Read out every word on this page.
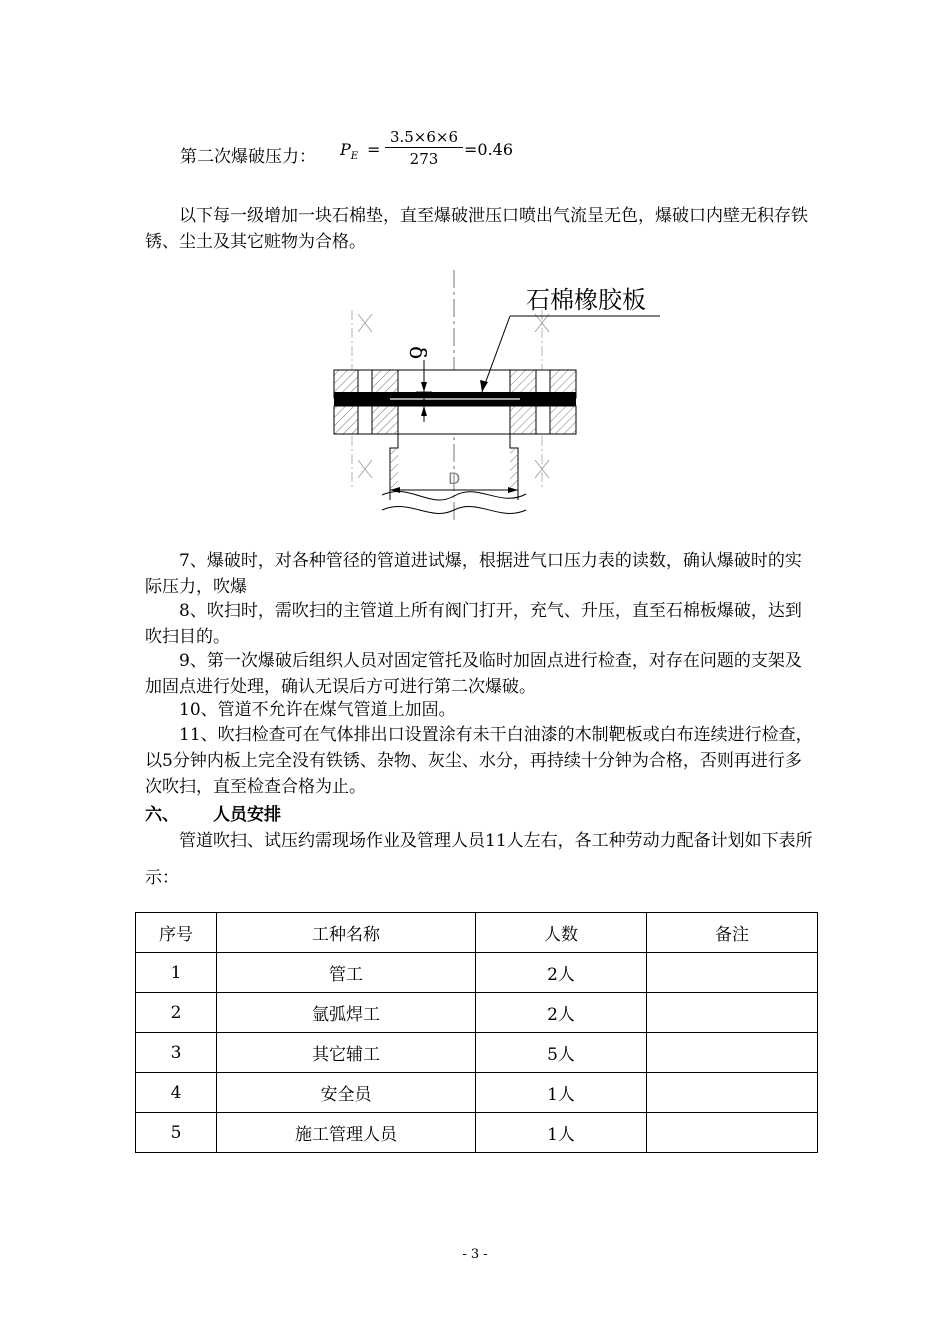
第二次爆破压力： $P_E = \frac{3.5\times 6\times 6}{273} =0.46$
以下每一级增加一块石棉垫，直至爆破泄压口喷出气流呈无色，爆破口内壁无积存铁锈、尘土及其它赃物为合格。
D
δ
石棉橡胶板
7、爆破时，对各种管径的管道进试爆，根据进气口压力表的读数，确认爆破时的实际压力，吹爆
8、吹扫时，需吹扫的主管道上所有阀门打开，充气、升压，直至石棉板爆破，达到吹扫目的。
9、第一次爆破后组织人员对固定管托及临时加固点进行检查，对存在问题的支架及加固点进行处理，确认无误后方可进行第二次爆破。
10、管道不允许在煤气管道上加固。
11、吹扫检查可在气体排出口设置涂有未干白油漆的木制靶板或白布连续进行检查，以5分钟内板上完全没有铁锈、杂物、灰尘、水分，再持续十分钟为合格，否则再进行多次吹扫，直至检查合格为止。
六、 人员安排
管道吹扫、试压约需现场作业及管理人员11人左右，各工种劳动力配备计划如下表所示：
序号	工种名称	人数	备注
1	管工	2人	
2	氩弧焊工	2人	
3	其它辅工	5人	
4	安全员	1人	
5	施工管理人员	1人	
- 3 -
